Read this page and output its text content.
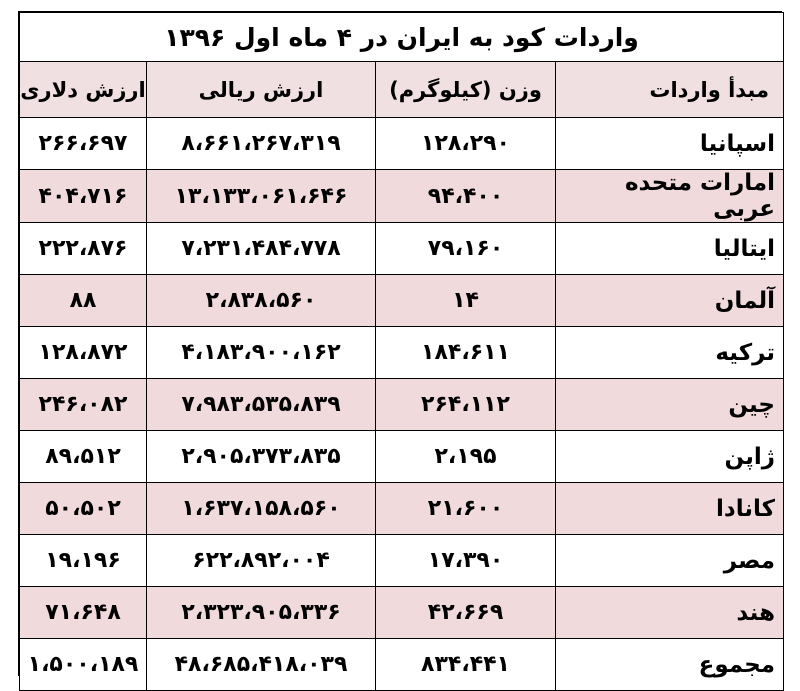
واردات کود به ایران در ۴ ماه اول ۱۳۹۶			
مبدأ واردات	وزن (کیلوگرم)	ارزش ریالی	ارزش دلاری
اسپانیا	۱۲۸،۲۹۰	۸،۶۶۱،۲۶۷،۳۱۹	۲۶۶،۶۹۷
امارات متحده عربی	۹۴،۴۰۰	۱۳،۱۳۳،۰۶۱،۶۴۶	۴۰۴،۷۱۶
ایتالیا	۷۹،۱۶۰	۷،۲۳۱،۴۸۴،۷۷۸	۲۲۲،۸۷۶
آلمان	۱۴	۲،۸۳۸،۵۶۰	۸۸
ترکیه	۱۸۴،۶۱۱	۴،۱۸۳،۹۰۰،۱۶۲	۱۲۸،۸۷۲
چین	۲۶۴،۱۱۲	۷،۹۸۳،۵۳۵،۸۳۹	۲۴۶،۰۸۲
ژاپن	۲،۱۹۵	۲،۹۰۵،۳۷۳،۸۳۵	۸۹،۵۱۲
کانادا	۲۱،۶۰۰	۱،۶۳۷،۱۵۸،۵۶۰	۵۰،۵۰۲
مصر	۱۷،۳۹۰	۶۲۲،۸۹۲،۰۰۴	۱۹،۱۹۶
هند	۴۲،۶۶۹	۲،۳۲۳،۹۰۵،۳۳۶	۷۱،۶۴۸
مجموع	۸۳۴،۴۴۱	۴۸،۶۸۵،۴۱۸،۰۳۹	۱،۵۰۰،۱۸۹
